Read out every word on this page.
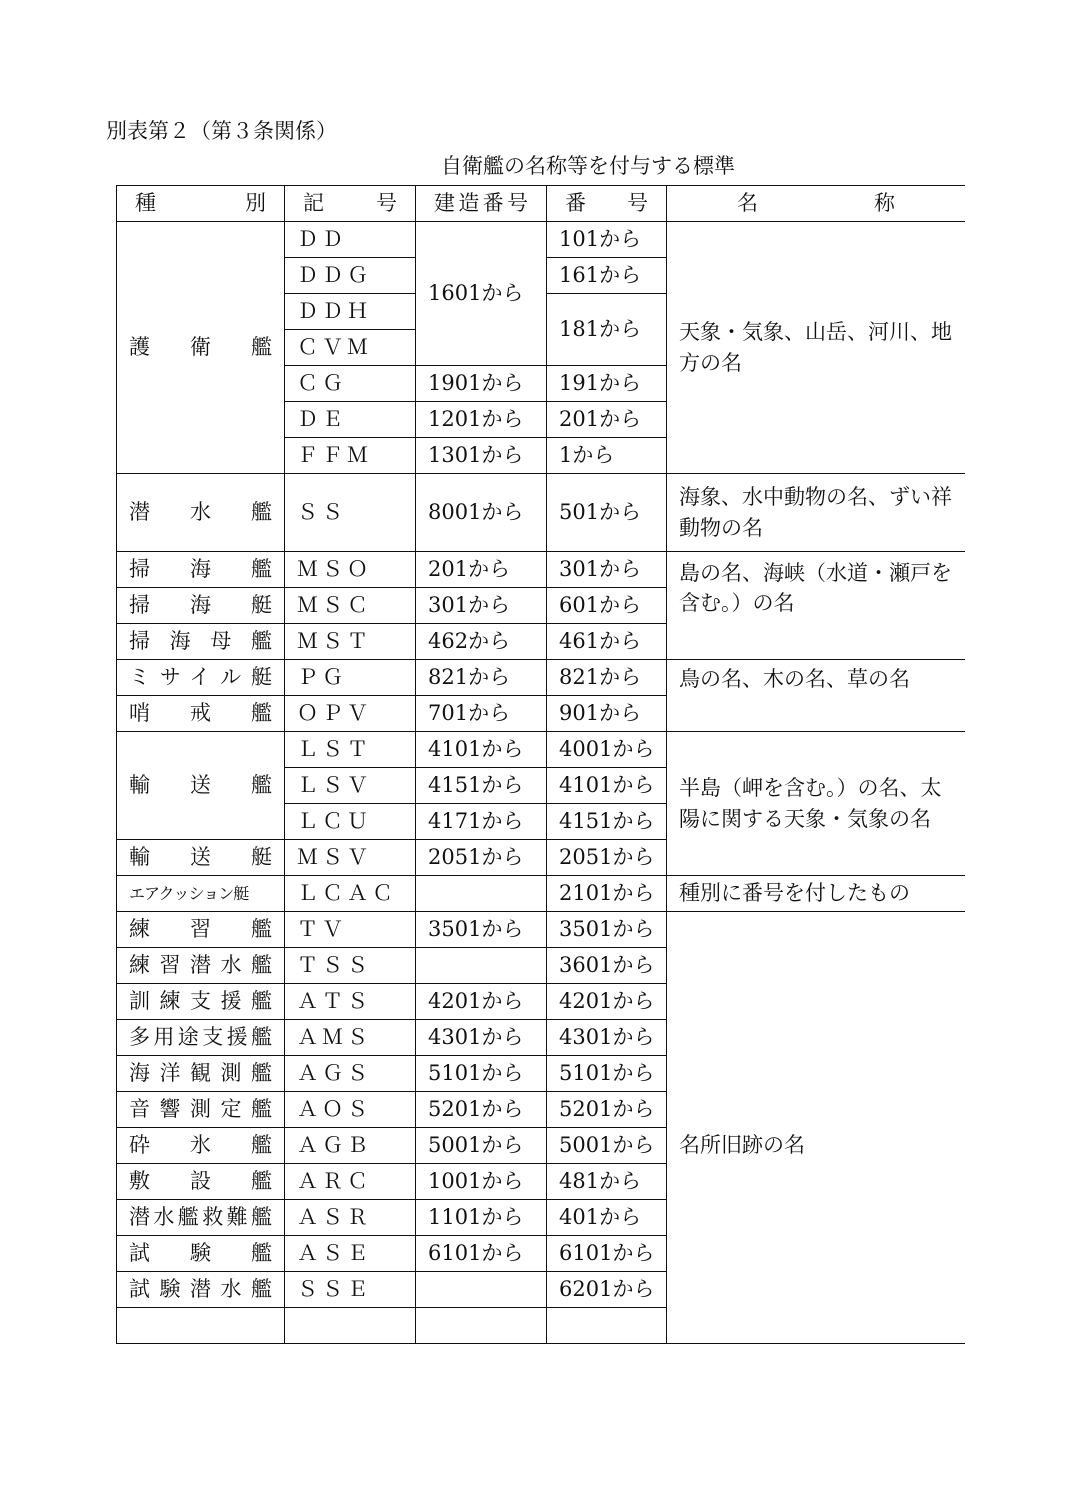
別表第２（第３条関係）
自衛艦の名称等を付与する標準
種別	記号	建造番号	番号	名称
護　衛　艦	ＤＤ	1601から	101から	天象・気象、山岳、河川、地方の名
	ＤＤＧ		161から	
	ＤＤＨ		181から	
	ＣＶＭ			
	ＣＧ	1901から	191から	
	ＤＥ	1201から	201から	
	ＦＦＭ	1301から	1から	
潜　水　艦	ＳＳ	8001から	501から	海象、水中動物の名、ずい祥動物の名
掃　海　艦	ＭＳＯ	201から	301から	島の名、海峡（水道・瀬戸を含む。）の名
掃　海　艇	ＭＳＣ	301から	601から	
掃海母艦	ＭＳＴ	462から	461から	
ミサイル艇	ＰＧ	821から	821から	鳥の名、木の名、草の名
哨　戒　艦	ＯＰＶ	701から	901から	
輸　送　艦	ＬＳＴ	4101から	4001から	半島（岬を含む。）の名、太陽に関する天象・気象の名
	ＬＳＶ	4151から	4101から	
	ＬＣＵ	4171から	4151から	
輸　送　艇	ＭＳＶ	2051から	2051から	
エアクッション艇	ＬＣＡＣ		2101から	種別に番号を付したもの
練　習　艦	ＴＶ	3501から	3501から	名所旧跡の名
練習潜水艦	ＴＳＳ		3601から	
訓練支援艦	ＡＴＳ	4201から	4201から	
多用途支援艦	ＡＭＳ	4301から	4301から	
海洋観測艦	ＡＧＳ	5101から	5101から	
音響測定艦	ＡＯＳ	5201から	5201から	
砕　氷　艦	ＡＧＢ	5001から	5001から	
敷　設　艦	ＡＲＣ	1001から	481から	
潜水艦救難艦	ＡＳＲ	1101から	401から	
試　験　艦	ＡＳＥ	6101から	6101から	
試験潜水艦	ＳＳＥ		6201から	
